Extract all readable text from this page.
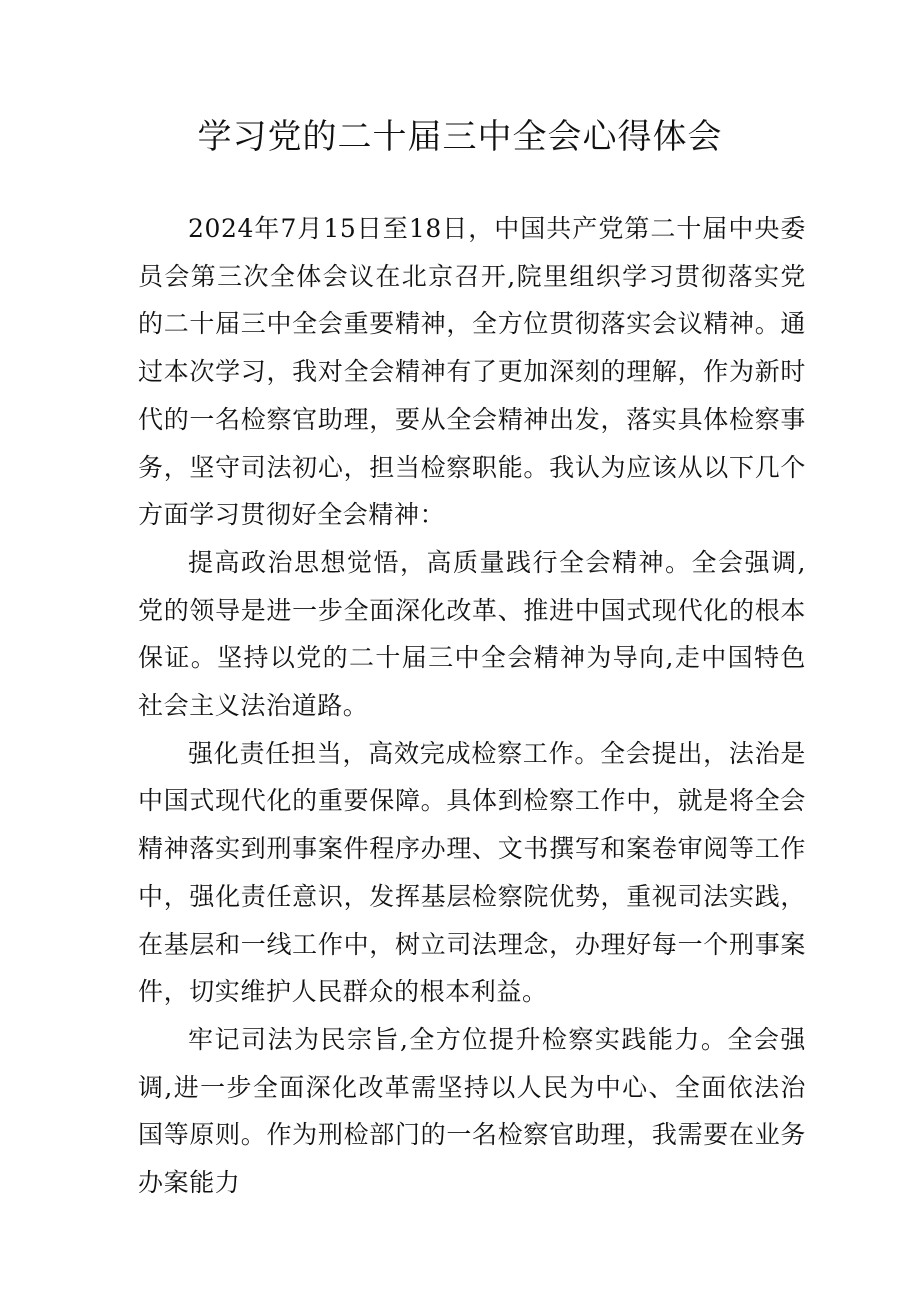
学习党的二十届三中全会心得体会

2024年7月15日至18日，中国共产党第二十届中央委员会第三次全体会议在北京召开,院里组织学习贯彻落实党的二十届三中全会重要精神，全方位贯彻落实会议精神。通过本次学习，我对全会精神有了更加深刻的理解，作为新时代的一名检察官助理，要从全会精神出发，落实具体检察事务，坚守司法初心，担当检察职能。我认为应该从以下几个方面学习贯彻好全会精神：

提高政治思想觉悟，高质量践行全会精神。全会强调,党的领导是进一步全面深化改革、推进中国式现代化的根本保证。坚持以党的二十届三中全会精神为导向,走中国特色社会主义法治道路。

强化责任担当，高效完成检察工作。全会提出，法治是中国式现代化的重要保障。具体到检察工作中，就是将全会精神落实到刑事案件程序办理、文书撰写和案卷审阅等工作中，强化责任意识，发挥基层检察院优势，重视司法实践，在基层和一线工作中，树立司法理念，办理好每一个刑事案件，切实维护人民群众的根本利益。

牢记司法为民宗旨,全方位提升检察实践能力。全会强调,进一步全面深化改革需坚持以人民为中心、全面依法治国等原则。作为刑检部门的一名检察官助理，我需要在业务办案能力
